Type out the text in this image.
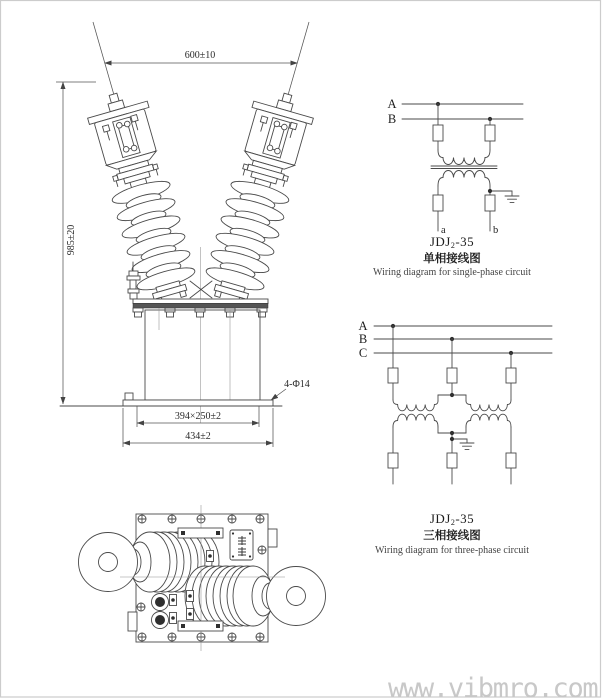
600±10
985±20
394×250±2
434±2
4-Φ14
A
B
a	b
JDJ2-35
单相接线图
Wiring diagram for single-phase circuit
A
B
C
JDJ2-35
三相接线图
Wiring diagram for three-phase circuit
www.vibmro.com
